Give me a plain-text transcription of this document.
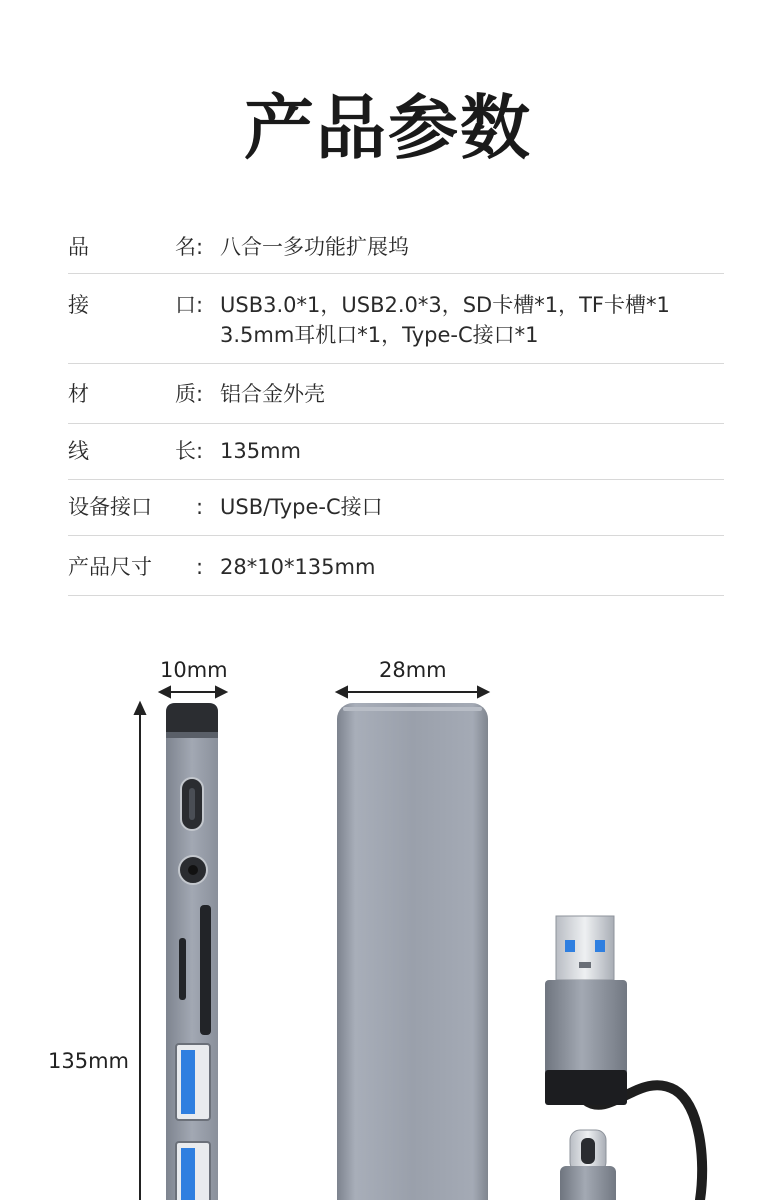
产品参数
品	名 : 八合一多功能扩展坞
接	口 : USB3.0*1，USB2.0*3，SD卡槽*1，TF卡槽*1
3.5mm耳机口*1，Type-C接口*1
材	质 : 铝合金外壳
线	长 : 135mm
设备接口 : USB/Type-C接口
产品尺寸 : 28*10*135mm
10mm	28mm
135mm
